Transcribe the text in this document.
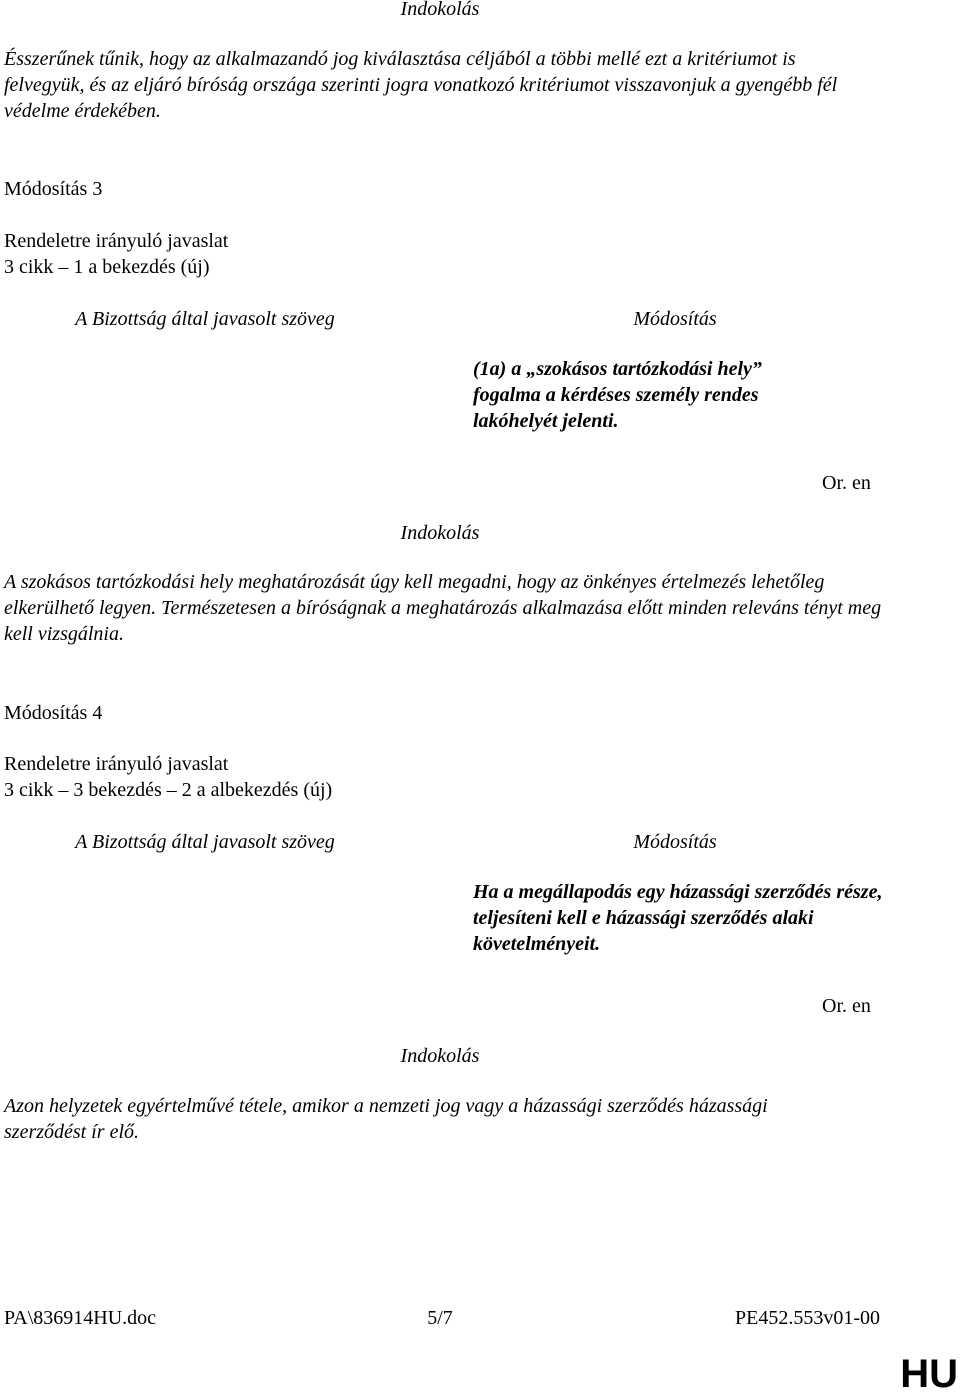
Indokolás
Ésszerűnek tűnik, hogy az alkalmazandó jog kiválasztása céljából a többi mellé ezt a kritériumot is felvegyük, és az eljáró bíróság országa szerinti jogra vonatkozó kritériumot visszavonjuk a gyengébb fél védelme érdekében.
Módosítás 3
Rendeletre irányuló javaslat
3 cikk – 1 a bekezdés (új)
A Bizottság által javasolt szöveg	Módosítás
(1a) a „szokásos tartózkodási hely” fogalma a kérdéses személy rendes lakóhelyét jelenti.
Or. en
Indokolás
A szokásos tartózkodási hely meghatározását úgy kell megadni, hogy az önkényes értelmezés lehetőleg elkerülhető legyen. Természetesen a bíróságnak a meghatározás alkalmazása előtt minden releváns tényt meg kell vizsgálnia.
Módosítás 4
Rendeletre irányuló javaslat
3 cikk – 3 bekezdés – 2 a albekezdés (új)
A Bizottság által javasolt szöveg	Módosítás
Ha a megállapodás egy házassági szerződés része, teljesíteni kell e házassági szerződés alaki követelményeit.
Or. en
Indokolás
Azon helyzetek egyértelművé tétele, amikor a nemzeti jog vagy a házassági szerződés házassági szerződést ír elő.
PA\836914HU.doc	5/7	PE452.553v01-00
HU
